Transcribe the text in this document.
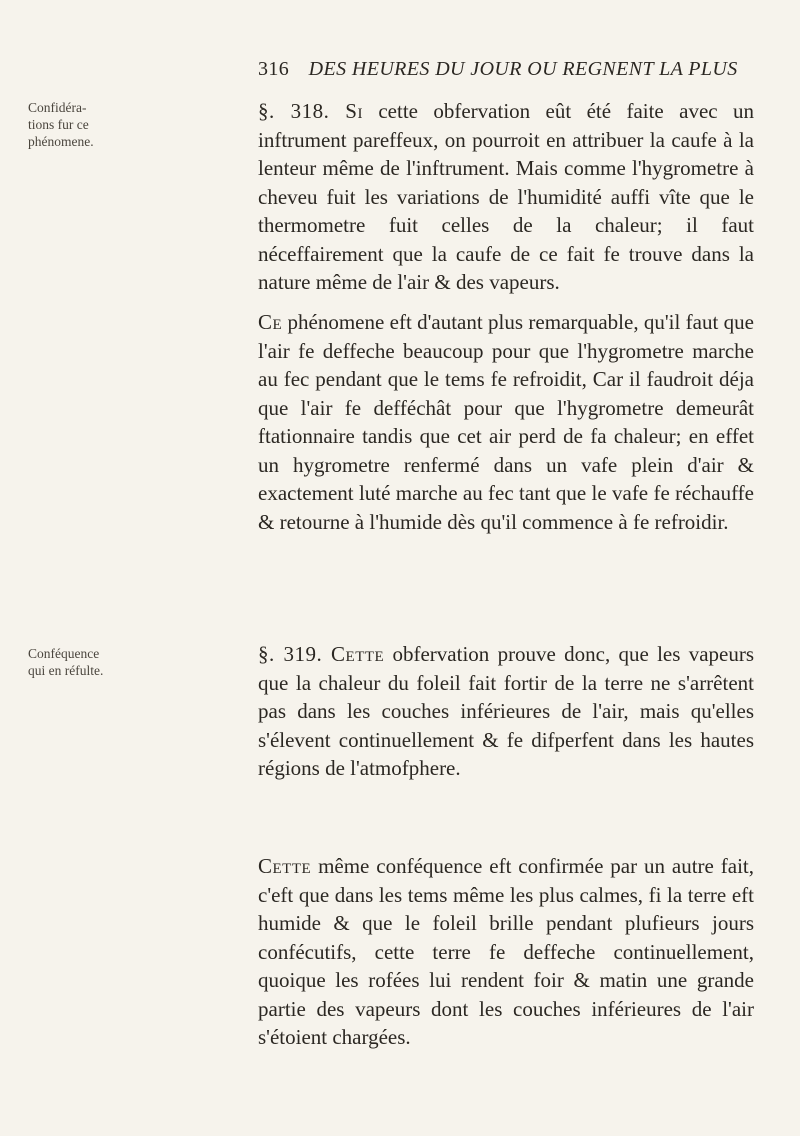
316 DES HEURES DU JOUR OU REGNENT LA PLUS
Confidéra-tions fur ce phénomene.
Conféquence qui en réfulte.

§. 318. Si cette obfervation eût été faite avec un inftrument pareffeux, on pourroit en attribuer la caufe à la lenteur même de l'inftrument. Mais comme l'hygrometre à cheveu fuit les variations de l'humidité auffi vîte que le thermometre fuit celles de la chaleur; il faut néceffairement que la caufe de ce fait fe trouve dans la nature même de l'air & des vapeurs.

Ce phénomene eft d'autant plus remarquable, qu'il faut que l'air fe deffeche beaucoup pour que l'hygrometre marche au fec pendant que le tems fe refroidit, Car il faudroit déja que l'air fe defféchât pour que l'hygrometre demeurât ftationnaire tandis que cet air perd de fa chaleur; en effet un hygrometre renfermé dans un vafe plein d'air & exactement luté marche au fec tant que le vafe fe réchauffe & retourne à l'humide dès qu'il commence à fe refroidir.

§. 319. Cette obfervation prouve donc, que les vapeurs que la chaleur du foleil fait fortir de la terre ne s'arrêtent pas dans les couches inférieures de l'air, mais qu'elles s'élevent continuellement & fe difperfent dans les hautes régions de l'atmofphere.

Cette même conféquence eft confirmée par un autre fait, c'eft que dans les tems même les plus calmes, fi la terre eft humide & que le foleil brille pendant plufieurs jours confécutifs, cette terre fe deffeche continuellement, quoique les rofées lui rendent foir & matin une grande partie des vapeurs dont les couches inférieures de l'air s'étoient chargées.
